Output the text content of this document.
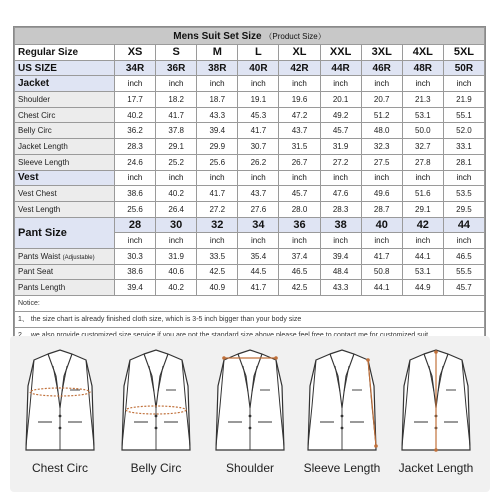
Mens Suit Set Size （Product Size）									
Regular Size	XS	S	M	L	XL	XXL	3XL	4XL	5XL
US SIZE	34R	36R	38R	40R	42R	44R	46R	48R	50R
Jacket	inch	inch	inch	inch	inch	inch	inch	inch	inch
Shoulder	17.7	18.2	18.7	19.1	19.6	20.1	20.7	21.3	21.9
Chest Circ	40.2	41.7	43.3	45.3	47.2	49.2	51.2	53.1	55.1
Belly Circ	36.2	37.8	39.4	41.7	43.7	45.7	48.0	50.0	52.0
Jacket Length	28.3	29.1	29.9	30.7	31.5	31.9	32.3	32.7	33.1
Sleeve Length	24.6	25.2	25.6	26.2	26.7	27.2	27.5	27.8	28.1
Vest	inch	inch	inch	inch	inch	inch	inch	inch	inch
Vest Chest	38.6	40.2	41.7	43.7	45.7	47.6	49.6	51.6	53.5
Vest Length	25.6	26.4	27.2	27.6	28.0	28.3	28.7	29.1	29.5
Pant Size	28	30	32	34	36	38	40	42	44
	inch	inch	inch	inch	inch	inch	inch	inch	inch
Pants Waist (Adjustable)	30.3	31.9	33.5	35.4	37.4	39.4	41.7	44.1	46.5
Pant Seat	38.6	40.6	42.5	44.5	46.5	48.4	50.8	53.1	55.5
Pants Length	39.4	40.2	40.9	41.7	42.5	43.3	44.1	44.9	45.7
Notice:									
1、 the size chart is already finished cloth size, which is 3-5 inch bigger than your body size									

Chest Circ	Belly Circ	Shoulder	Sleeve Length	Jacket Length
